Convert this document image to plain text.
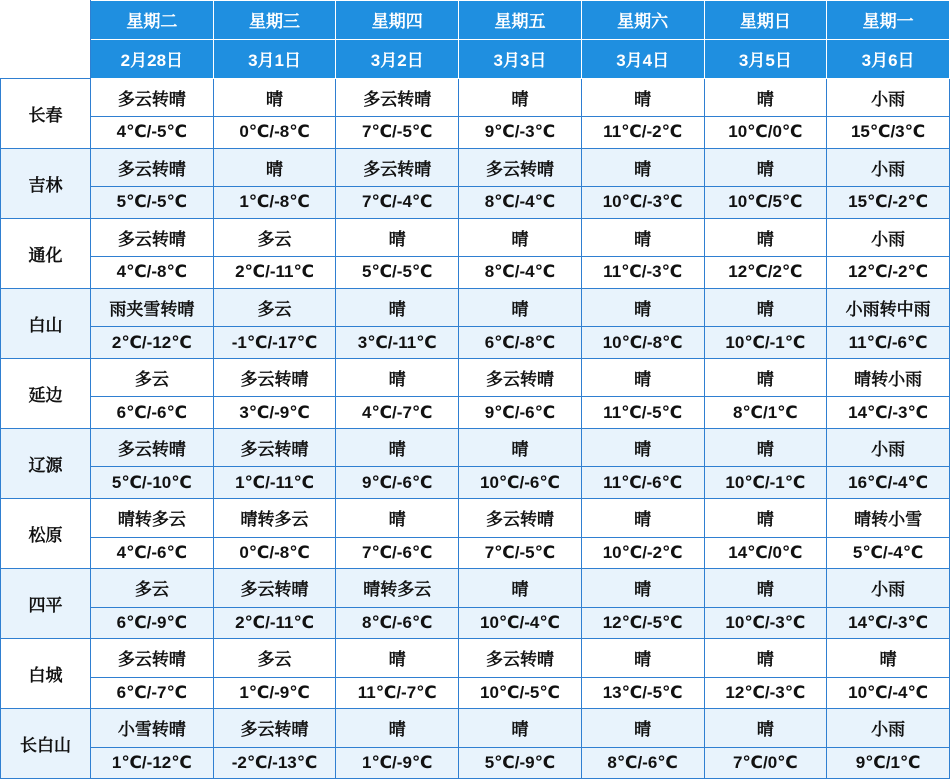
	星期二	星期三	星期四	星期五	星期六	星期日	星期一
	2月28日	3月1日	3月2日	3月3日	3月4日	3月5日	3月6日
长春	多云转晴	晴	多云转晴	晴	晴	晴	小雨
	4℃/-5℃	0℃/-8℃	7℃/-5℃	9℃/-3℃	11℃/-2℃	10℃/0℃	15℃/3℃
吉林	多云转晴	晴	多云转晴	多云转晴	晴	晴	小雨
	5℃/-5℃	1℃/-8℃	7℃/-4℃	8℃/-4℃	10℃/-3℃	10℃/5℃	15℃/-2℃
通化	多云转晴	多云	晴	晴	晴	晴	小雨
	4℃/-8℃	2℃/-11℃	5℃/-5℃	8℃/-4℃	11℃/-3℃	12℃/2℃	12℃/-2℃
白山	雨夹雪转晴	多云	晴	晴	晴	晴	小雨转中雨
	2℃/-12℃	-1℃/-17℃	3℃/-11℃	6℃/-8℃	10℃/-8℃	10℃/-1℃	11℃/-6℃
延边	多云	多云转晴	晴	多云转晴	晴	晴	晴转小雨
	6℃/-6℃	3℃/-9℃	4℃/-7℃	9℃/-6℃	11℃/-5℃	8℃/1℃	14℃/-3℃
辽源	多云转晴	多云转晴	晴	晴	晴	晴	小雨
	5℃/-10℃	1℃/-11℃	9℃/-6℃	10℃/-6℃	11℃/-6℃	10℃/-1℃	16℃/-4℃
松原	晴转多云	晴转多云	晴	多云转晴	晴	晴	晴转小雪
	4℃/-6℃	0℃/-8℃	7℃/-6℃	7℃/-5℃	10℃/-2℃	14℃/0℃	5℃/-4℃
四平	多云	多云转晴	晴转多云	晴	晴	晴	小雨
	6℃/-9℃	2℃/-11℃	8℃/-6℃	10℃/-4℃	12℃/-5℃	10℃/-3℃	14℃/-3℃
白城	多云转晴	多云	晴	多云转晴	晴	晴	晴
	6℃/-7℃	1℃/-9℃	11℃/-7℃	10℃/-5℃	13℃/-5℃	12℃/-3℃	10℃/-4℃
长白山	小雪转晴	多云转晴	晴	晴	晴	晴	小雨
	1℃/-12℃	-2℃/-13℃	1℃/-9℃	5℃/-9℃	8℃/-6℃	7℃/0℃	9℃/1℃
